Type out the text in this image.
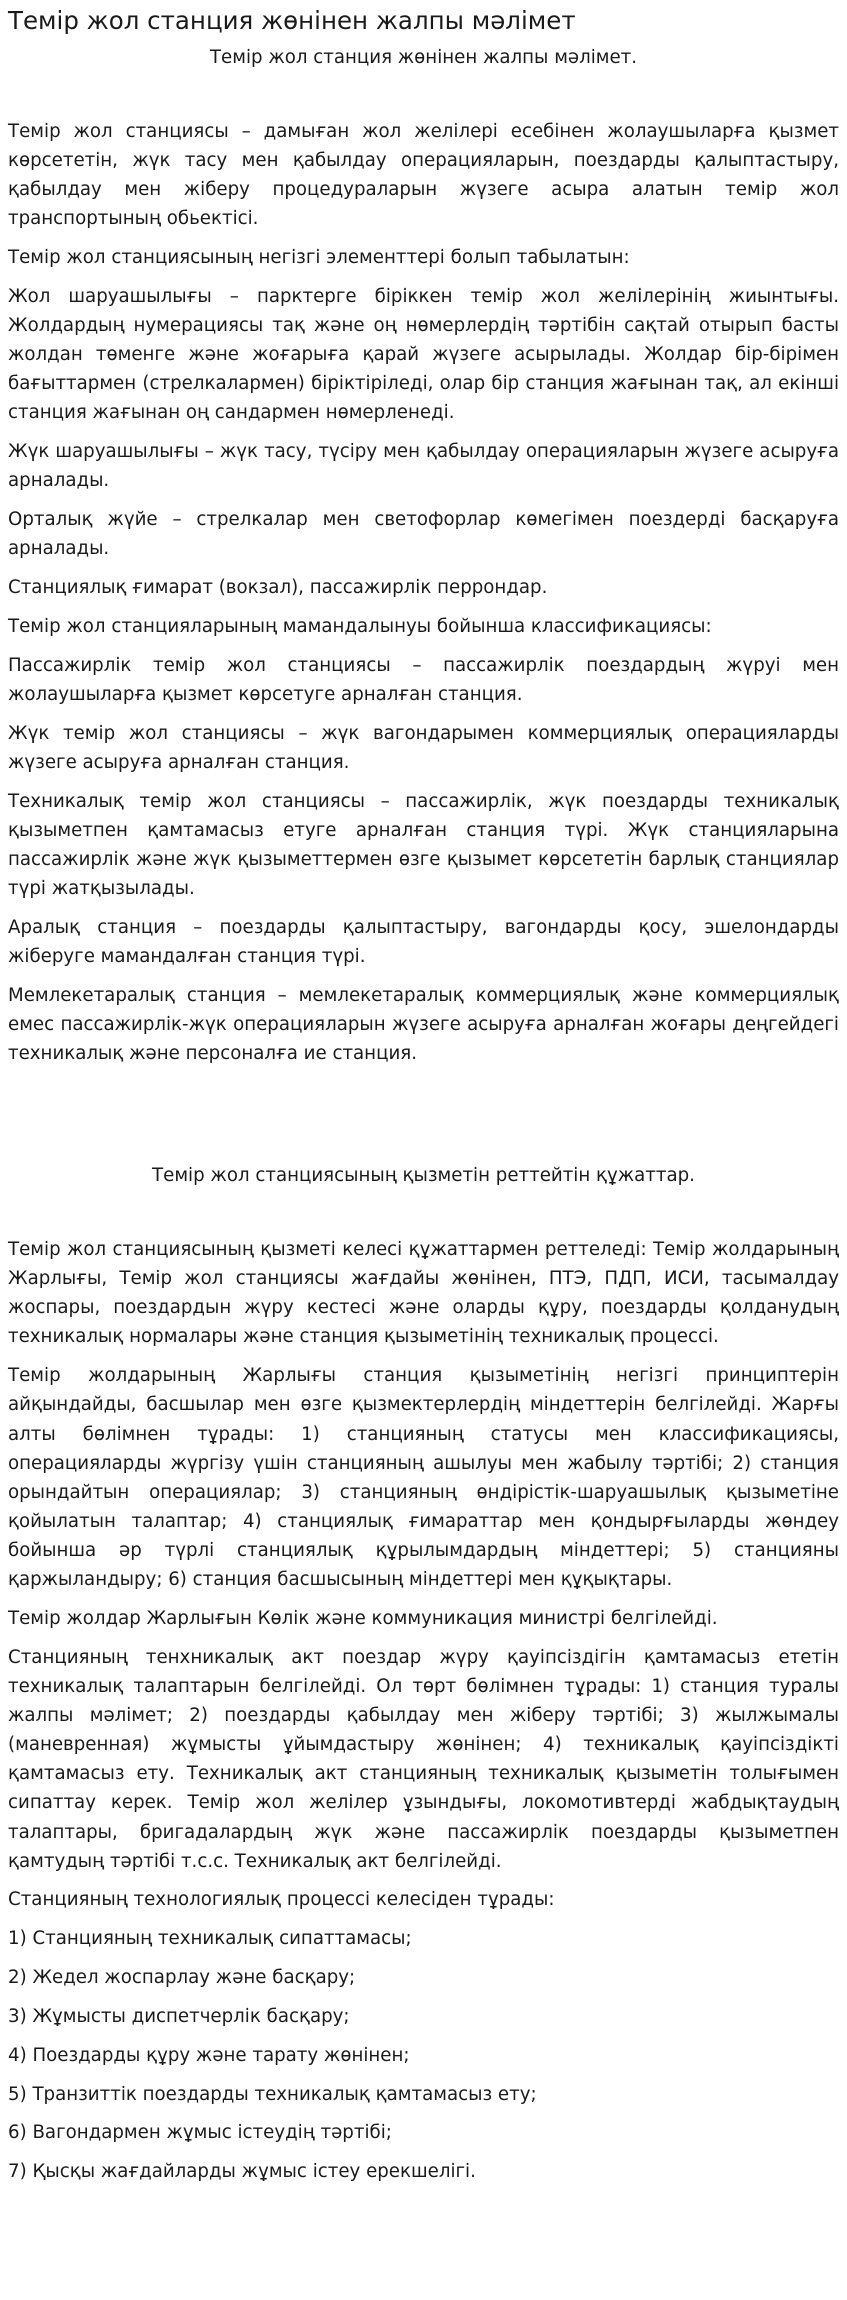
Темір жол станция жөнінен жалпы мәлімет

Темір жол станция жөнінен жалпы мәлімет.

Темір жол станциясы – дамыған жол желілері есебінен жолаушыларға қызмет көрсететін, жүк тасу мен қабылдау операцияларын, поездарды қалыптастыру, қабылдау мен жіберу процедураларын жүзеге асыра алатын темір жол транспортының обьектісі.

Темір жол станциясының негізгі элементтері болып табылатын:

Жол шаруашылығы – парктерге біріккен темір жол желілерінің жиынтығы. Жолдардың нумерациясы тақ және оң нөмерлердің тәртібін сақтай отырып басты жолдан төменге және жоғарыға қарай жүзеге асырылады. Жолдар бір-бірімен бағыттармен (стрелкалармен) біріктіріледі, олар бір станция жағынан тақ, ал екінші станция жағынан оң сандармен нөмерленеді.

Жүк шаруашылығы – жүк тасу, түсіру мен қабылдау операцияларын жүзеге асыруға арналады.

Орталық жүйе – стрелкалар мен светофорлар көмегімен поездерді басқаруға арналады.

Станциялық ғимарат (вокзал), пассажирлік перрондар.

Темір жол станцияларының мамандалынуы бойынша классификациясы:

Пассажирлік темір жол станциясы – пассажирлік поездардың жүруі мен жолаушыларға қызмет көрсетуге арналған станция.

Жүк темір жол станциясы – жүк вагондарымен коммерциялық операцияларды жүзеге асыруға арналған станция.

Техникалық темір жол станциясы – пассажирлік, жүк поездарды техникалық қызыметпен қамтамасыз етуге арналған станция түрі. Жүк станцияларына пассажирлік және жүк қызыметтермен өзге қызымет көрсететін барлық станциялар түрі жатқызылады.

Аралық станция – поездарды қалыптастыру, вагондарды қосу, эшелондарды жіберуге мамандалған станция түрі.

Мемлекетаралық станция – мемлекетаралық коммерциялық және коммерциялық емес пассажирлік-жүк операцияларын жүзеге асыруға арналған жоғары деңгейдегі техникалық және персоналға ие станция.

Темір жол станциясының қызметін реттейтін құжаттар.

Темір жол станциясының қызметі келесі құжаттармен реттеледі: Темір жолдарының Жарлығы, Темір жол станциясы жағдайы жөнінен, ПТЭ, ПДП, ИСИ, тасымалдау жоспары, поездардын жүру кестесі және оларды құру, поездарды қолданудың техникалық нормалары және станция қызыметінің техникалық процессі.

Темір жолдарының Жарлығы станция қызыметінің негізгі принциптерін айқындайды, басшылар мен өзге қызмектерлердің міндеттерін белгілейді. Жарғы алты бөлімнен тұрады: 1) станцияның статусы мен классификациясы, операцияларды жүргізу үшін станцияның ашылуы мен жабылу тәртібі; 2) станция орындайтын операциялар; 3) станцияның өндірістік-шаруашылық қызыметіне қойылатын талаптар; 4) станциялық ғимараттар мен қондырғыларды жөндеу бойынша әр түрлі станциялық құрылымдардың міндеттері; 5) станцияны қаржыландыру; 6) станция басшысының міндеттері мен құқықтары.

Темір жолдар Жарлығын Көлік және коммуникация министрі белгілейді.

Станцияның тенхникалық акт поездар жүру қауіпсіздігін қамтамасыз ететін техникалық талаптарын белгілейді. Ол төрт бөлімнен тұрады: 1) станция туралы жалпы мәлімет; 2) поездарды қабылдау мен жіберу тәртібі; 3) жылжымалы (маневренная) жұмысты ұйымдастыру жөнінен; 4) техникалық қауіпсіздікті қамтамасыз ету. Техникалық акт станцияның техникалық қызыметін толығымен сипаттау керек. Темір жол желілер ұзындығы, локомотивтерді жабдықтаудың талаптары, бригадалардың жүк және пассажирлік поездарды қызыметпен қамтудың тәртібі т.с.с. Техникалық акт белгілейді.

Станцияның технологиялық процессі келесіден тұрады:

1) Станцияның техникалық сипаттамасы;

2) Жедел жоспарлау және басқару;

3) Жұмысты диспетчерлік басқару;

4) Поездарды құру және тарату жөнінен;

5) Транзиттік поездарды техникалық қамтамасыз ету;

6) Вагондармен жұмыс істеудің тәртібі;

7) Қысқы жағдайларды жұмыс істеу ерекшелігі.
